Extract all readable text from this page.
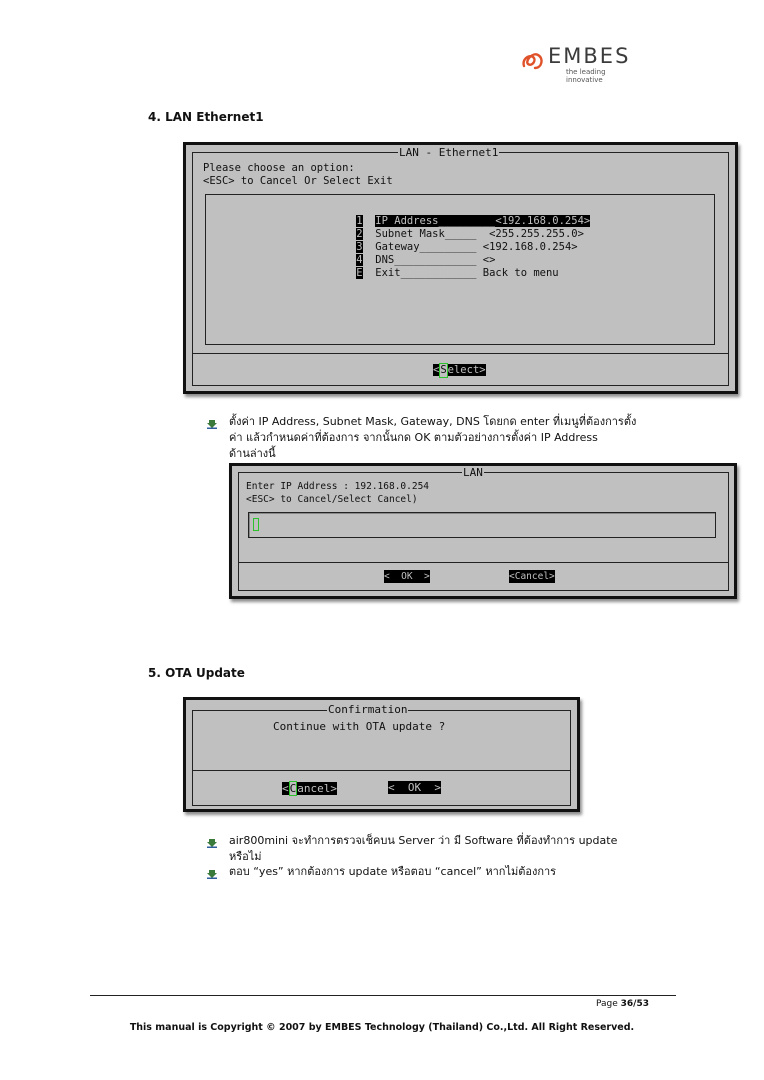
EMBES
the leading innovative
4. LAN Ethernet1
LAN - Ethernet1
Please choose an option:
<ESC> to Cancel Or Select Exit

1 IP Address_________<192.168.0.254>

2 Subnet Mask_____ <255.255.255.0>

3 Gateway_________ <192.168.0.254>

4 DNS_____________ <>

E Exit____________ Back to menu

<Select>
ตั้งค่า IP Address, Subnet Mask, Gateway, DNS โดยกด enter ที่เมนูที่ต้องการตั้ง
ค่า แล้วกำหนดค่าที่ต้องการ จากนั้นกด OK ตามตัวอย่างการตั้งค่า IP Address
ด้านล่างนี้
LAN
Enter IP Address : 192.168.0.254
<ESC> to Cancel/Select Cancel)
<  OK  >	<Cancel>
5. OTA Update
Confirmation
Continue with OTA update ?
<Cancel>	<  OK  >
air800mini จะทำการตรวจเช็คบน Server ว่า มี Software ที่ต้องทำการ update
หรือไม่
ตอบ “yes” หากต้องการ update หรือตอบ “cancel” หากไม่ต้องการ
Page 36/53
This manual is Copyright © 2007 by EMBES Technology (Thailand) Co.,Ltd. All Right Reserved.
